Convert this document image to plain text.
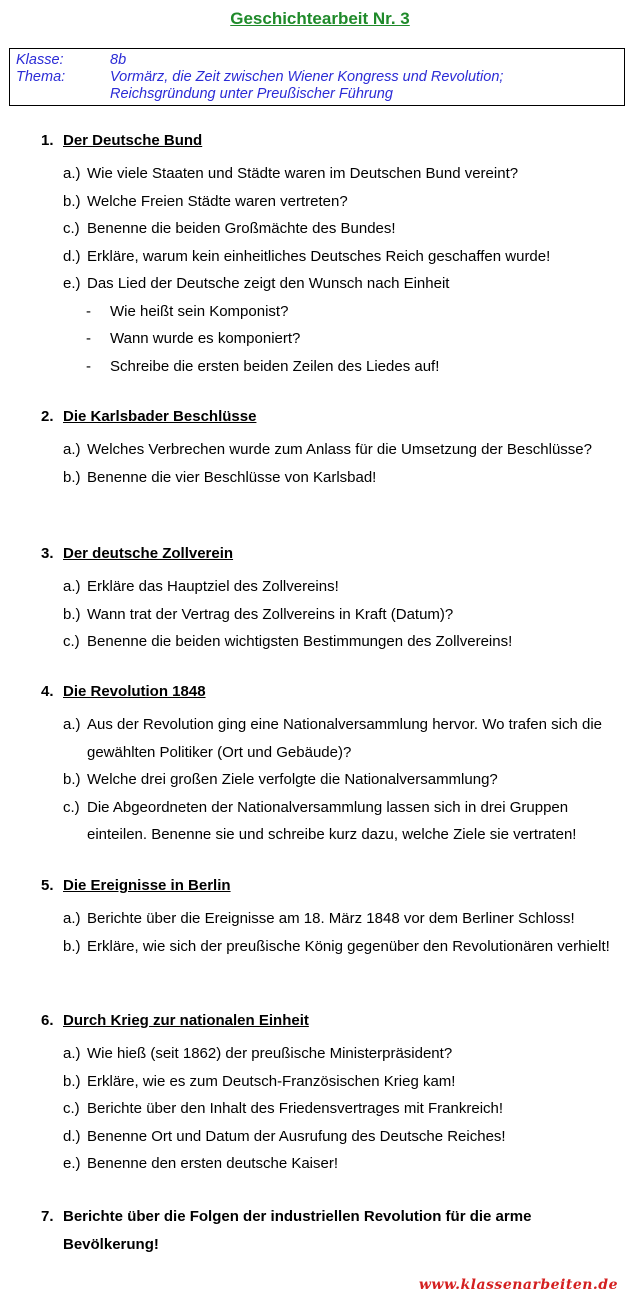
Geschichtearbeit Nr. 3
Klasse:	8b
Thema:	Vormärz, die Zeit zwischen Wiener Kongress und Revolution;
Reichsgründung unter Preußischer Führung
1. Der Deutsche Bund
a.) Wie viele Staaten und Städte waren im Deutschen Bund vereint?
b.) Welche Freien Städte waren vertreten?
c.) Benenne die beiden Großmächte des Bundes!
d.) Erkläre, warum kein einheitliches Deutsches Reich geschaffen wurde!
e.) Das Lied der Deutsche zeigt den Wunsch nach Einheit
-	Wie heißt sein Komponist?
-	Wann wurde es komponiert?
-	Schreibe die ersten beiden Zeilen des Liedes auf!
2. Die Karlsbader Beschlüsse
a.) Welches Verbrechen wurde zum Anlass für die Umsetzung der Beschlüsse?
b.) Benenne die vier Beschlüsse von Karlsbad!
3. Der deutsche Zollverein
a.) Erkläre das Hauptziel des Zollvereins!
b.) Wann trat der Vertrag des Zollvereins in Kraft (Datum)?
c.) Benenne die beiden wichtigsten Bestimmungen des Zollvereins!
4. Die Revolution 1848
a.) Aus der Revolution ging eine Nationalversammlung hervor. Wo trafen sich die gewählten Politiker (Ort und Gebäude)?
b.) Welche drei großen Ziele verfolgte die Nationalversammlung?
c.) Die Abgeordneten der Nationalversammlung lassen sich in drei Gruppen einteilen. Benenne sie und schreibe kurz dazu, welche Ziele sie vertraten!
5. Die Ereignisse in Berlin
a.) Berichte über die Ereignisse am 18. März 1848 vor dem Berliner Schloss!
b.) Erkläre, wie sich der preußische König gegenüber den Revolutionären verhielt!
6. Durch Krieg zur nationalen Einheit
a.) Wie hieß (seit 1862) der preußische Ministerpräsident?
b.) Erkläre, wie es zum Deutsch-Französischen Krieg kam!
c.) Berichte über den Inhalt des Friedensvertrages mit Frankreich!
d.) Benenne Ort und Datum der Ausrufung des Deutsche Reiches!
e.) Benenne den ersten deutsche Kaiser!
7. Berichte über die Folgen der industriellen Revolution für die arme Bevölkerung!
www.klassenarbeiten.de
